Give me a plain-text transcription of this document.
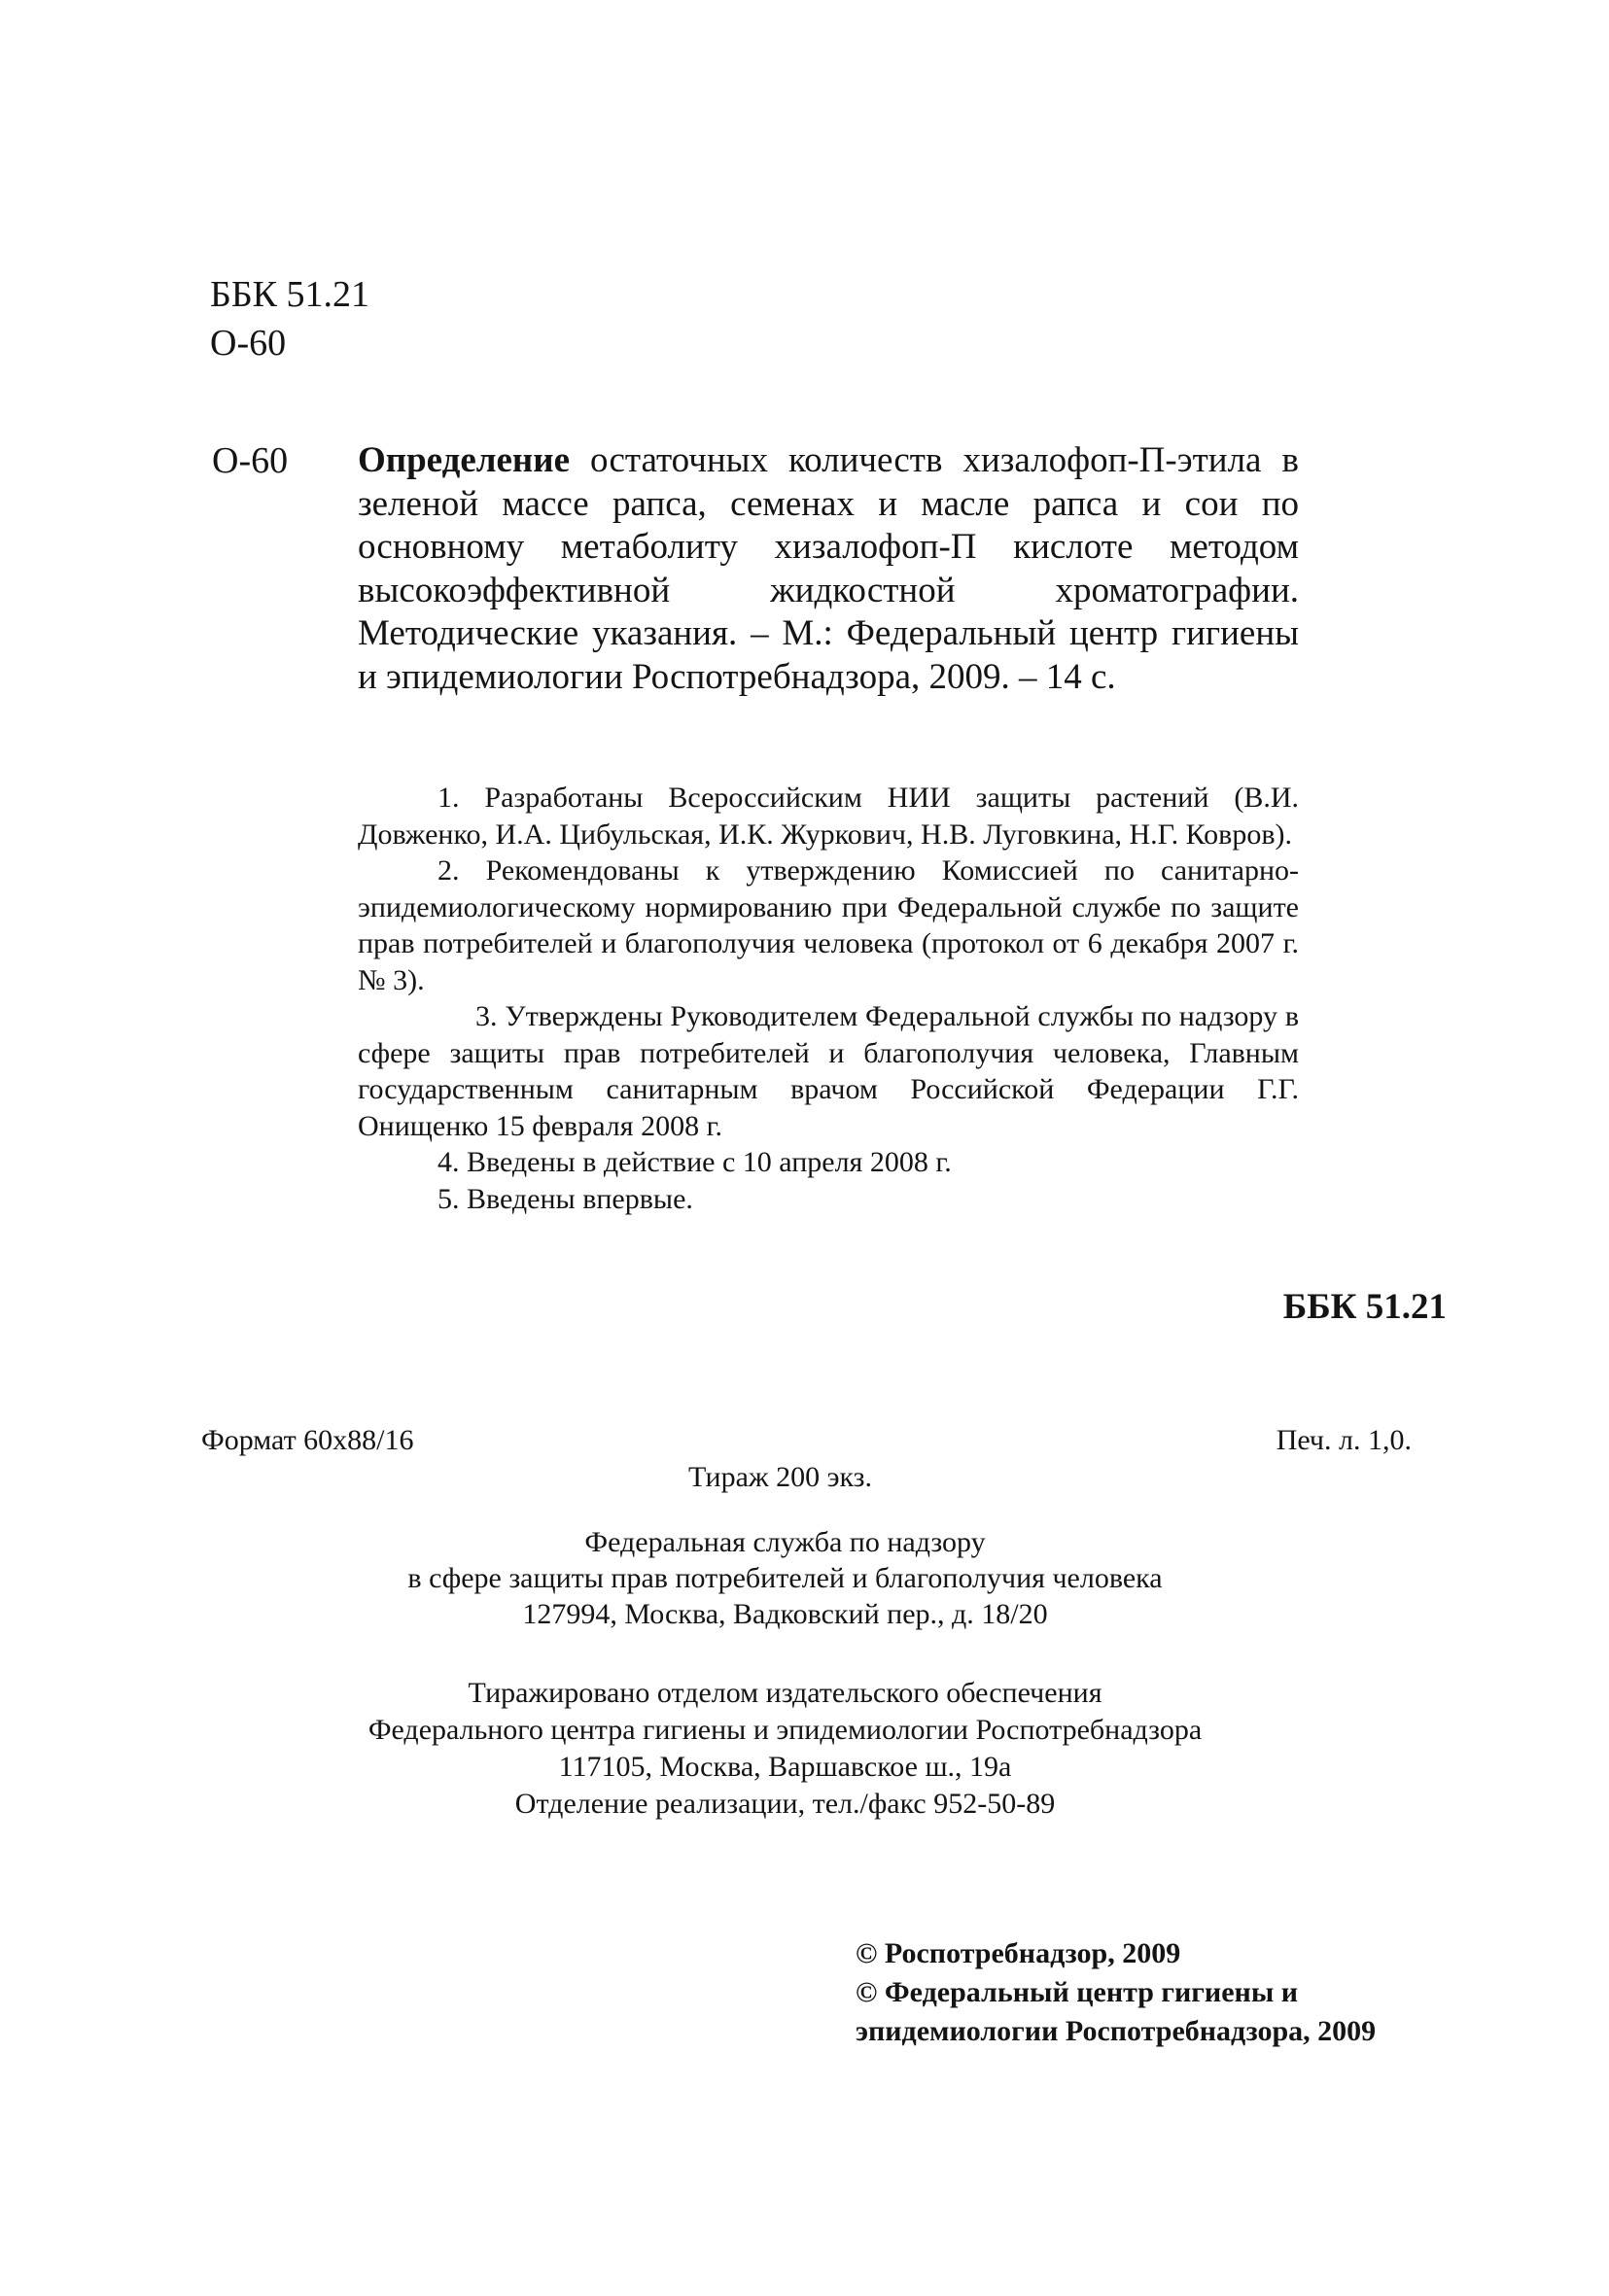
ББК 51.21
О-60
О-60 Определение остаточных количеств хизалофоп-П-этила в зеленой массе рапса, семенах и масле рапса и сои по основному метаболиту хизалофоп-П кислоте методом высокоэффективной жидкостной хроматографии. Методические указания. – М.: Федеральный центр гигиены и эпидемиологии Роспотребнадзора, 2009. – 14 с.

1. Разработаны Всероссийским НИИ защиты растений (В.И. Довженко, И.А. Цибульская, И.К. Журкович, Н.В. Луговкина, Н.Г. Ковров).

2. Рекомендованы к утверждению Комиссией по санитарно-эпидемиологическому нормированию при Федеральной службе по защите прав потребителей и благополучия человека (протокол от 6 декабря 2007 г. № 3).

3. Утверждены Руководителем Федеральной службы по надзору в сфере защиты прав потребителей и благополучия человека, Главным государственным санитарным врачом Российской Федерации Г.Г. Онищенко 15 февраля 2008 г.

4. Введены в действие с 10 апреля 2008 г.

5. Введены впервые.

ББК 51.21
Формат 60x88/16	Печ. л. 1,0.
Тираж 200 экз.
Федеральная служба по надзору
в сфере защиты прав потребителей и благополучия человека
127994, Москва, Вадковский пер., д. 18/20
Тиражировано отделом издательского обеспечения
Федерального центра гигиены и эпидемиологии Роспотребнадзора
117105, Москва, Варшавское ш., 19а
Отделение реализации, тел./факс 952-50-89
© Роспотребнадзор, 2009
© Федеральный центр гигиены и
эпидемиологии Роспотребнадзора, 2009
